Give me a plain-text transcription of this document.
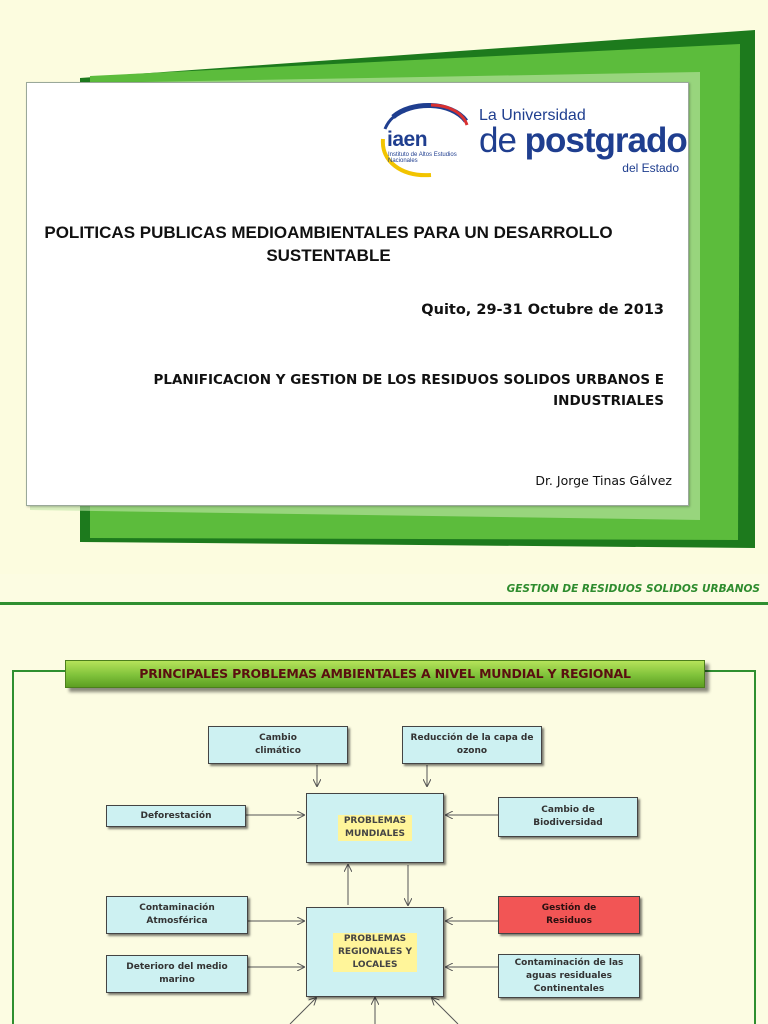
iaen
Instituto de Altos Estudios Nacionales
La Universidad
de postgrado
del Estado
POLITICAS PUBLICAS MEDIOAMBIENTALES PARA UN DESARROLLO SUSTENTABLE
Quito, 29-31 Octubre de 2013
PLANIFICACION Y GESTION DE LOS RESIDUOS SOLIDOS URBANOS E INDUSTRIALES
Dr. Jorge Tinas Gálvez
GESTION DE RESIDUOS SOLIDOS URBANOS
PRINCIPALES PROBLEMAS AMBIENTALES A NIVEL MUNDIAL Y REGIONAL
Cambio climático
Reducción de la capa de ozono
Deforestación
PROBLEMAS MUNDIALES
Cambio de Biodiversidad
Contaminación Atmosférica
PROBLEMAS REGIONALES Y LOCALES
Gestión de Residuos
Deterioro del medio marino
Contaminación de las aguas residuales Continentales
